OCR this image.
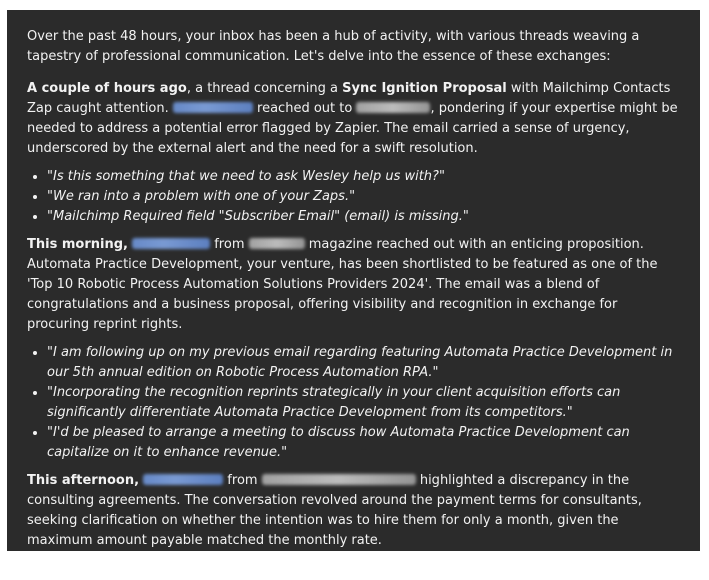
Over the past 48 hours, your inbox has been a hub of activity, with various threads weaving a tapestry of professional communication. Let's delve into the essence of these exchanges:

A couple of hours ago, a thread concerning a Sync Ignition Proposal with Mailchimp Contacts Zap caught attention.	reached out to	, pondering if your expertise might be needed to address a potential error flagged by Zapier. The email carried a sense of urgency, underscored by the external alert and the need for a swift resolution.

• "Is this something that we need to ask Wesley help us with?"
• "We ran into a problem with one of your Zaps."
• "Mailchimp Required field "Subscriber Email" (email) is missing."

This morning,	from	magazine reached out with an enticing proposition. Automata Practice Development, your venture, has been shortlisted to be featured as one of the 'Top 10 Robotic Process Automation Solutions Providers 2024'. The email was a blend of congratulations and a business proposal, offering visibility and recognition in exchange for procuring reprint rights.

• "I am following up on my previous email regarding featuring Automata Practice Development in our 5th annual edition on Robotic Process Automation RPA."
• "Incorporating the recognition reprints strategically in your client acquisition efforts can significantly differentiate Automata Practice Development from its competitors."
• "I'd be pleased to arrange a meeting to discuss how Automata Practice Development can capitalize on it to enhance revenue."

This afternoon,	from	highlighted a discrepancy in the consulting agreements. The conversation revolved around the payment terms for consultants, seeking clarification on whether the intention was to hire them for only a month, given the maximum amount payable matched the monthly rate.
